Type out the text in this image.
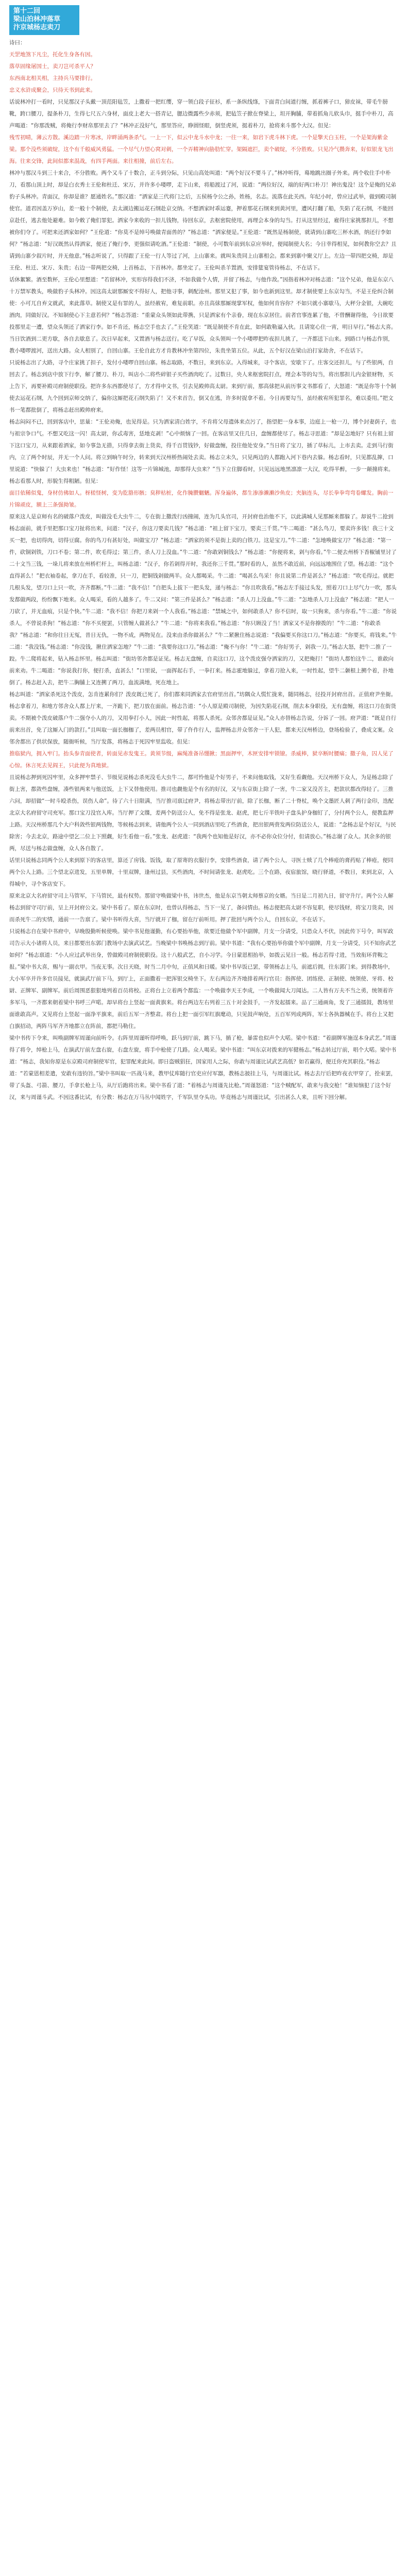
第十二回
梁山泊林冲落草
汴京城杨志卖刀

诗曰：

天罡地煞下凡尘，托化生身各有因。

落草固缘屠国士，卖刀岂可杀平人？

东西南北相关相，主持兵马要排行。

忠义水浒成聚会，只待天书到此来。

话说林冲打一看时，只见那汉子头戴一顶范阳毡笠，上撒着一把红缨，穿一领白段子征衫，系一条纵线绦，下面青白间道行缠，抓着裤子口，獐皮袜，带毛牛膀靴，跨口腰刀，提条朴刀，生得七尺五六身材，面皮上老大一搭青记，腮边微露些少赤须，把毡笠子掀在脊梁上，坦开胸脯，带着抓角儿软头巾，挺手中朴刀，高声喝道：“你那泼贼，将俺行李财帛那里去了？”林冲正没好气，那里答应，睁圆怪眼，倒竖虎须，挺着朴刀，抢将来斗那个大汉。但见：

残雪初晴，薄云方散。溪边踏一片寒冰，岸畔涌两条杀气。一上一下，似云中龙斗水中龙；一往一来，如岩下虎斗林下虎。一个是擎天白玉柱，一个是架海紫金梁。那个没些须破绽，这个有千般威风勇猛。一个尽气力望心窝对刺，一个弄精神向胁肋忙穿。架隔遮拦，卖个破绽，不分胜败。只见冷气攒奔来，好似银龙飞出海。往来交锋，此间似都来混战，有四手两面。来往相撞，前后左右。

林冲与那汉斗到三十来合，不分胜败。两个又斗了十数合，正斗到分际，只见山高处叫道：“两个好汉不要斗了。”林冲听得，蓦地跳出圈子外来。两个收住手中朴刀，看那山顶上时，却是白衣秀士王伦和杜迁、宋万，并许多小喽啰，走下山来，将船渡过了河，说道：“两位好汉，端的好两口朴刀！神出鬼没！这个是俺的兄弟豹子头林冲。青面汉，你却是谁？愿通姓名。”那汉道：“洒家是三代将门之后，五侯杨令公之孙，姓杨，名志。流落在此关西。年纪小时，曾应过武举，做到殿司制使官。道君因盖万岁山，差一般十个制使，去太湖边搬运花石纲赴京交纳。不想洒家时乖运蹇，押着那花石纲来到黄河里，遭风打翻了船，失陷了花石纲，不能回京赴任，逃去他处避难。如今敕了俺们罪犯。洒家今来收的一担儿钱物，待回东京，去枢密院使用，再理会本身的勾当。打从这里经过，雇得庄家挑那担儿，不想被你们夺了。可把来还洒家如何？”王伦道：“你莫不是绰号唤做青面兽的？”杨志道：“洒家便是。”王伦道：“既然是杨制使，就请到山寨吃三杯水酒，纳还行李如何？”杨志道：“好汉既然认得洒家，便还了俺行李，更强似请吃酒。”王伦道：“制使，小可数年前到东京应举时，便闻制使大名；今日幸得相见，如何教你空去？且请到山寨少叙片时，并无他意。”杨志听说了，只得跟了王伦一行人等过了河，上山寨来。就叫朱贵同上山寨相会。都来到寨中聚义厅上。左边一带四把交椅，却是王伦、杜迁、宋万、朱贵；右边一带两把交椅，上首杨志，下首林冲。都坐定了。王伦叫杀羊置酒，安排筵宴管待杨志，不在话下。

话休絮繁。酒至数杯，王伦心里想道：“若留林冲，实形容得我们不济，不如我做个人情，并留了杨志，与他作敌。”因指着林冲对杨志道：“这个兄弟，他是东京八十万禁军教头，唤做豹子头林冲。因这高太尉那厮安不得好人，把他寻事，刺配沧州。那里又犯了事，如今也新到这里。却才制使要上东京勾当，不是王伦纠合制使：小可兀自弃文就武，来此落草。制使又是有罪的人，虽经赦宥，难复前职。亦且高俅那厮现掌军权，他如何肯容你？不如只就小寨歇马，大秤分金银，大碗吃酒肉，同做好汉。不知制使心下主意若何？”杨志答道：“重蒙众头领如此带携，只是洒家有个亲眷，现在东京居住。前者官事连累了他，不曾酬谢得他，今日欲要投那里走一遭，望众头领还了洒家行李。如不肯还，杨志空手也去了。”王伦笑道：“既是制使不肯在此，如何敢勒逼入伙。且请宽心住一宵，明日早行。”杨志大喜。当日饮酒到二更方歇，各自去歇息了。次日早起来，又置酒与杨志送行。吃了早饭，众头领叫一个小喽啰把昨夜担儿挑了，一齐都送下山来。到路口与杨志作别，教小喽啰渡河，送出大路。众人相别了，自回山寨。王伦自此方才肯教林冲坐第四位，朱贵坐第五位。从此，五个好汉在梁山泊打家劫舍，不在话下。

只说杨志出了大路，寻个庄家挑了担子，发付小喽啰自回山寨。杨志取路，不数日，来到东京。入得城来，寻个客店，安歇下了。庄客交还担儿，与了些银两，自回去了。杨志到店中放下行李，解了腰刀、朴刀，叫店小二将些碎银子买些酒肉吃了。过数日，央人来枢密院打点，理会本等的勾当，将出那担儿内金银财物，买上告下，再要补殿司府制使职役。把许多东西都使尽了，方才得申文书，引去见殿帅高太尉。来到厅前，那高俅把从前历事文书都看了，大怒道：“既是你等十个制使去运花石纲，九个回到京师交纳了，偏你这厮把花石纲失陷了！又不来首告，倒又在逃，许多时捉拿不着。今日再要勾当，虽经赦宥所犯罪名，难以委用。”把文书一笔都批倒了，将杨志赶出殿帅府来。

杨志闷闷不已，回到客店中，思量：“王伦劝俺，也见得是。只为洒家清白姓字，不肯将父母遗体来点污了，指望把一身本事，边庭上一枪一刀，博个封妻荫子，也与祖宗争口气。不想又吃这一闪！高太尉，你忒毒害，恁地克剥！”心中烦恼了一回。在客店里又住几日，盘缠都使尽了。杨志寻思道：“却是怎地好？只有祖上留下这口宝刀，从来跟着洒家，如今事急无措，只得拿去街上货卖，得千百贯钱钞，好做盘缠，投往他处安身。”当日将了宝刀，插了草标儿，上市去卖。走到马行街内，立了两个时辰，并无一个人问。将立到晌午时分，转来到天汉州桥热闹处去卖。杨志立未久，只见两边的人都跑入河下巷内去躲。杨志看时，只见都乱撺，口里说道：“快躲了！大虫来也！”杨志道：“好作怪！这等一片锦城池，却那得大虫来？”当下立住脚看时，只见远远地黑凛凛一大汉，吃得半醉，一步一颠撞将来。杨志看那人时，形貌生得粗陋。但见：

面目依稀似鬼，身材仿佛如人。枒槎怪树，变为肐胳形骸；臭秽枯桩，化作腌臜魍魉。浑身遍体，都生渗渗濑濑沙鱼皮；夹脑连头，尽长拳拳弯弯卷螺发。胸前一片锦顽皮，额上三条强拗皱。

原来这人是京师有名的破落户泼皮，叫做没毛大虫牛二，专在街上撒泼行凶撞闹，连为几头官司，开封府也治他不下，以此满城人见那厮来都躲了。却说牛二抢到杨志面前，就手里把那口宝刀扯将出来，问道：“汉子，你这刀要卖几钱？”杨志道：“祖上留下宝刀，要卖三千贯。”牛二喝道：“甚么鸟刀，要卖许多钱！我三十文买一把，也切得肉，切得豆腐。你的鸟刀有甚好处，叫做宝刀？”杨志道：“洒家的须不是街上卖的白铁刀。这是宝刀。”牛二道：“怎地唤做宝刀？”杨志道：“第一件，砍铜剁铁，刀口不卷；第二件，吹毛得过；第三件，杀人刀上没血。”牛二道：“你敢剁铜钱么？”杨志道：“你便将来，剁与你看。”牛二便去州桥下香椒铺里讨了二十文当三钱，一垛儿将来放在州桥栏杆上，叫杨志道：“汉子，你若剁得开时，我还你三千贯。”那时看的人，虽然不敢近前，向远远地围住了望。杨志道：“这个直得甚么！”把衣袖卷起，拿刀在手，看较准，只一刀，把铜钱剁做两半。众人都喝采。牛二道：“喝甚么鸟采！你且说第二件是甚么？”杨志道：“吹毛得过。就把几根头发，望刀口上只一吹，齐齐都断。”牛二道：“我不信！”自把头上拔下一把头发，递与杨志：“你且吹我看。”杨志左手接过头发，照着刀口上尽气力一吹，那头发都做两段，纷纷飘下地来。众人喝采，看的人越多了。牛二又问：“第三件是甚么？”杨志道：“杀人刀上没血。”牛二道：“怎地杀人刀上没血？”杨志道：“把人一刀砍了，并无血痕，只是个快。”牛二道：“我不信！你把刀来剁一个人我看。”杨志道：“禁城之中，如何敢杀人？你不信时，取一只狗来，杀与你看。”牛二道：“你说杀人，不曾说杀狗！”杨志道：“你不买便罢，只管缠人做甚么？”牛二道：“你将来我看。”杨志道：“你只顾没了当！洒家又不是你撩拨的！”牛二道：“你敢杀我？”杨志道：“和你往日无冤，昔日无仇，一物不成，两物见在。没来由杀你做甚么？”牛二紧揪住杨志说道：“我偏要买你这口刀。”杨志道：“你要买，将钱来。”牛二道：“我没钱。”杨志道：“你没钱，揪住洒家怎地？”牛二道：“我要你这口刀。”杨志道：“俺不与你！”牛二道：“你好男子，剁我一刀。”杨志大怒，把牛二推了一跤。牛二爬将起来，钻入杨志怀里。杨志叫道：“街坊邻舍都是证见。杨志无盘缠，自卖这口刀，这个泼皮强夺洒家的刀，又把俺打！”街坊人都怕这牛二，谁敢向前来劝。牛二喝道：“你说我打你，便打杀，直甚么！”口里说，一面挥起右手，一拳打来。杨志霍地躲过，拿着刀抢入来，一时性起，望牛二颡根上搠个着，扑地倒了。杨志赶入去，把牛二胸脯上又连搠了两刀，血流满地，死在地上。

杨志叫道：“洒家杀死这个泼皮，怎肯连累你们？泼皮既已死了，你们都来同洒家去官府里出首。”坊隅众人慌忙拢来，随同杨志，径投开封府出首。正值府尹坐衙。杨志拿着刀，和地方邻舍众人都上厅来，一齐跪下，把刀放在面前。杨志告道：“小人原是殿司制使，为因失陷花石纲，削去本身职役，无有盘缠，将这口刀在街货卖。不期被个泼皮破落户牛二强夺小人的刀，又用拳打小人，因此一时性起，将那人杀死。众邻舍都是证见。”众人亦替杨志告说，分诉了一回。府尹道：“既是自行前来出首，免了这厮入门的款打。”且叫取一面长枷枷了，差两员相官，带了仵作行人，监押杨志并众邻舍一干人犯，都来天汉州桥边，登场检验了，叠成文案。众邻舍都出了供状保放，随衙听候，当厅发落，将杨志于死囚牢里监收。但见：

推临狱内，拥入牢门。抬头参青面使者，转面见赤发鬼王。黄须节级，麻绳准备吊绷揪；黑面押牢，木匣安排牢锁镣。杀威棒，狱卒断时腰痛；撒子角，囚人见了心惊。休言死去见阎王，只此便为真地狱。

且说杨志押到死囚牢里，众多押牢禁子、节级见说杨志杀死没毛大虫牛二，都可怜他是个好男子，不来问他取钱，又好生看觑他。天汉州桥下众人，为是杨志除了街上害，都敛些盘缠，凑些银两来与他送饭，上下又替他使用。推司也觑他是个有名的好汉，又与东京街上除了一害，牛二家又没苦主，把款状都改得轻了。三推六问，却招做“一时斗殴杀伤，误伤人命”。待了六十日限满，当厅推司禀过府尹，将杨志带出厅前，除了长枷，断了二十脊杖，唤个文墨匠人刺了两行金印，迭配北京大名府留守司充军。那口宝刀没官入库。当厅押了文牒，差两个防送公人，免不得是张龙、赵虎，把七斤半铁叶子盘头护身枷钉了，分付两个公人，便教监押上路。天汉州桥那几个大户科敛些银两钱物，等候杨志到来，请他两个公人一同到酒店里吃了些酒食，把出银两赍发两位防送公人，说道：“念杨志是个好汉，与民除害；今去北京，路途中望乞二位上下照觑，好生看他一看。”张龙、赵虎道：“我两个也知他是好汉，亦不必你众位分付，但请放心。”杨志谢了众人。其余多的银两，尽送与杨志做盘缠，众人各自散了。

话里只说杨志同两个公人来到原下的客店里，算还了房钱、饭钱，取了原寄的衣服行李，安排些酒食，请了两个公人，寻医士赎了几个棒疮的膏药贴了棒疮，便同两个公人上路。三个望北京进发，五里单牌，十里双牌，逢州过县，买些酒肉，不时间请张龙、赵虎吃。三个在路，夜宿旅馆，晓行驿道，不数日，来到北京，入得城中，寻个客店安下。

原来北京大名府留守司上马管军，下马管民，最有权势。那留守唤做梁中书，讳世杰，他是东京当朝太师蔡京的女婿。当日是二月初九日，留守升厅。两个公人解杨志到留守司厅前，呈上开封府公文。梁中书看了。原在东京时，也曾认得杨志，当下一见了，备问情由。杨志便把高太尉不容复职，使尽钱财，将宝刀货卖，因而杀死牛二的实情，通前一一告禀了。梁中书听得大喜，当厅就开了枷，留在厅前听用。押了批回与两个公人，自回东京，不在话下。

只说杨志自在梁中书府中，早晚殷勤听候使唤。梁中书见他谨勤，有心要抬举他，欲要迁他做个军中副牌，月支一分请受，只恐众人不伏，因此传下号令，叫军政司告示大小诸将人员，来日都要出东郭门教场中去演武试艺。当晚梁中书唤杨志到厅前。梁中书道：“我有心要抬举你做个军中副牌，月支一分请受，只不知你武艺如何？”杨志禀道：“小人应过武举出身，曾做殿司府制使职役。这十八般武艺，自小习学。今日蒙恩相抬举，如拨云见日一般。杨志若得寸进，当效衔环背鞍之报。”梁中书大喜，赐与一副衣甲。当夜无事。次日天晓，时当二月中旬，正值风和日暖。梁中书早饭已罢，带领杨志上马，前遮后拥，往东郭门来。到得教场中，大小军卒并许多官员接见，就演武厅前下马，到厅上，正面撒着一把浑银交椅坐下。左右两边齐齐地排着两行官员：指挥使、团练使、正制使、统领使、牙将、校尉、正牌军、副牌军。前后周围恶狠狠地列着百员将校。正将台上立着两个都监：一个唤做李天王李成，一个唤做闻大刀闻达。二人皆有万夫不当之勇，统领着许多军马，一齐都来朝着梁中书呼三声喏。却早将台上竖起一面黄旗来。将台两边左右列着三五十对金鼓手，一齐发起擂来。品了三通画角，发了三通擂鼓，教场里面谁敢高声。又见将台上竖起一面净平旗来，前后五军一齐整肃。将台上把一面引军红旗麾动，只见鼓声响处，五百军列成两阵，军士各执器械在手。将台上又把白旗招动，两阵马军齐齐地都立在阵前，都把马勒住。

梁中书传下令来，叫唤副牌军周谨向前听令。右阵里周谨听得呼唤，跃马到厅前，跳下马，插了枪，暴雷也似声个大喏。梁中书道：“着副牌军施逞本身武艺。”周谨得了将令，绰枪上马，在演武厅前左盘右旋，右盘左旋，将手中枪使了几路。众人喝采。梁中书道：“叫东京对拨来的军健杨志。”杨志转过厅前，唱个大喏。梁中书道：“杨志，我知你原是东京殿司府制使军官，犯罪配来此间。即日盗贼猖狂，国家用人之际，你敢与周谨比试武艺高低？如若赢得，便迁你充其职役。”杨志道：“若蒙恩相差遣，安敢有违钧旨。”梁中书叫取一匹战马来，教甲仗库随行官吏应付军器，教杨志披挂上马，与周谨比试。杨志去厅后把昨夜衣甲穿了，拴束罢，带了头盔、弓箭、腰刀，手拿长枪上马，从厅后跑将出来。梁中书看了道：“着杨志与周谨先比枪。”周谨怒道：“这个贼配军，敢来与我交枪！”谁知恼犯了这个好汉，来与周谨斗武。不因这番比试，有分教：杨志在万马丛中闻姓字，千军队里夺头功。毕竟杨志与周谨比试，引出甚么人来，且听下回分解。
